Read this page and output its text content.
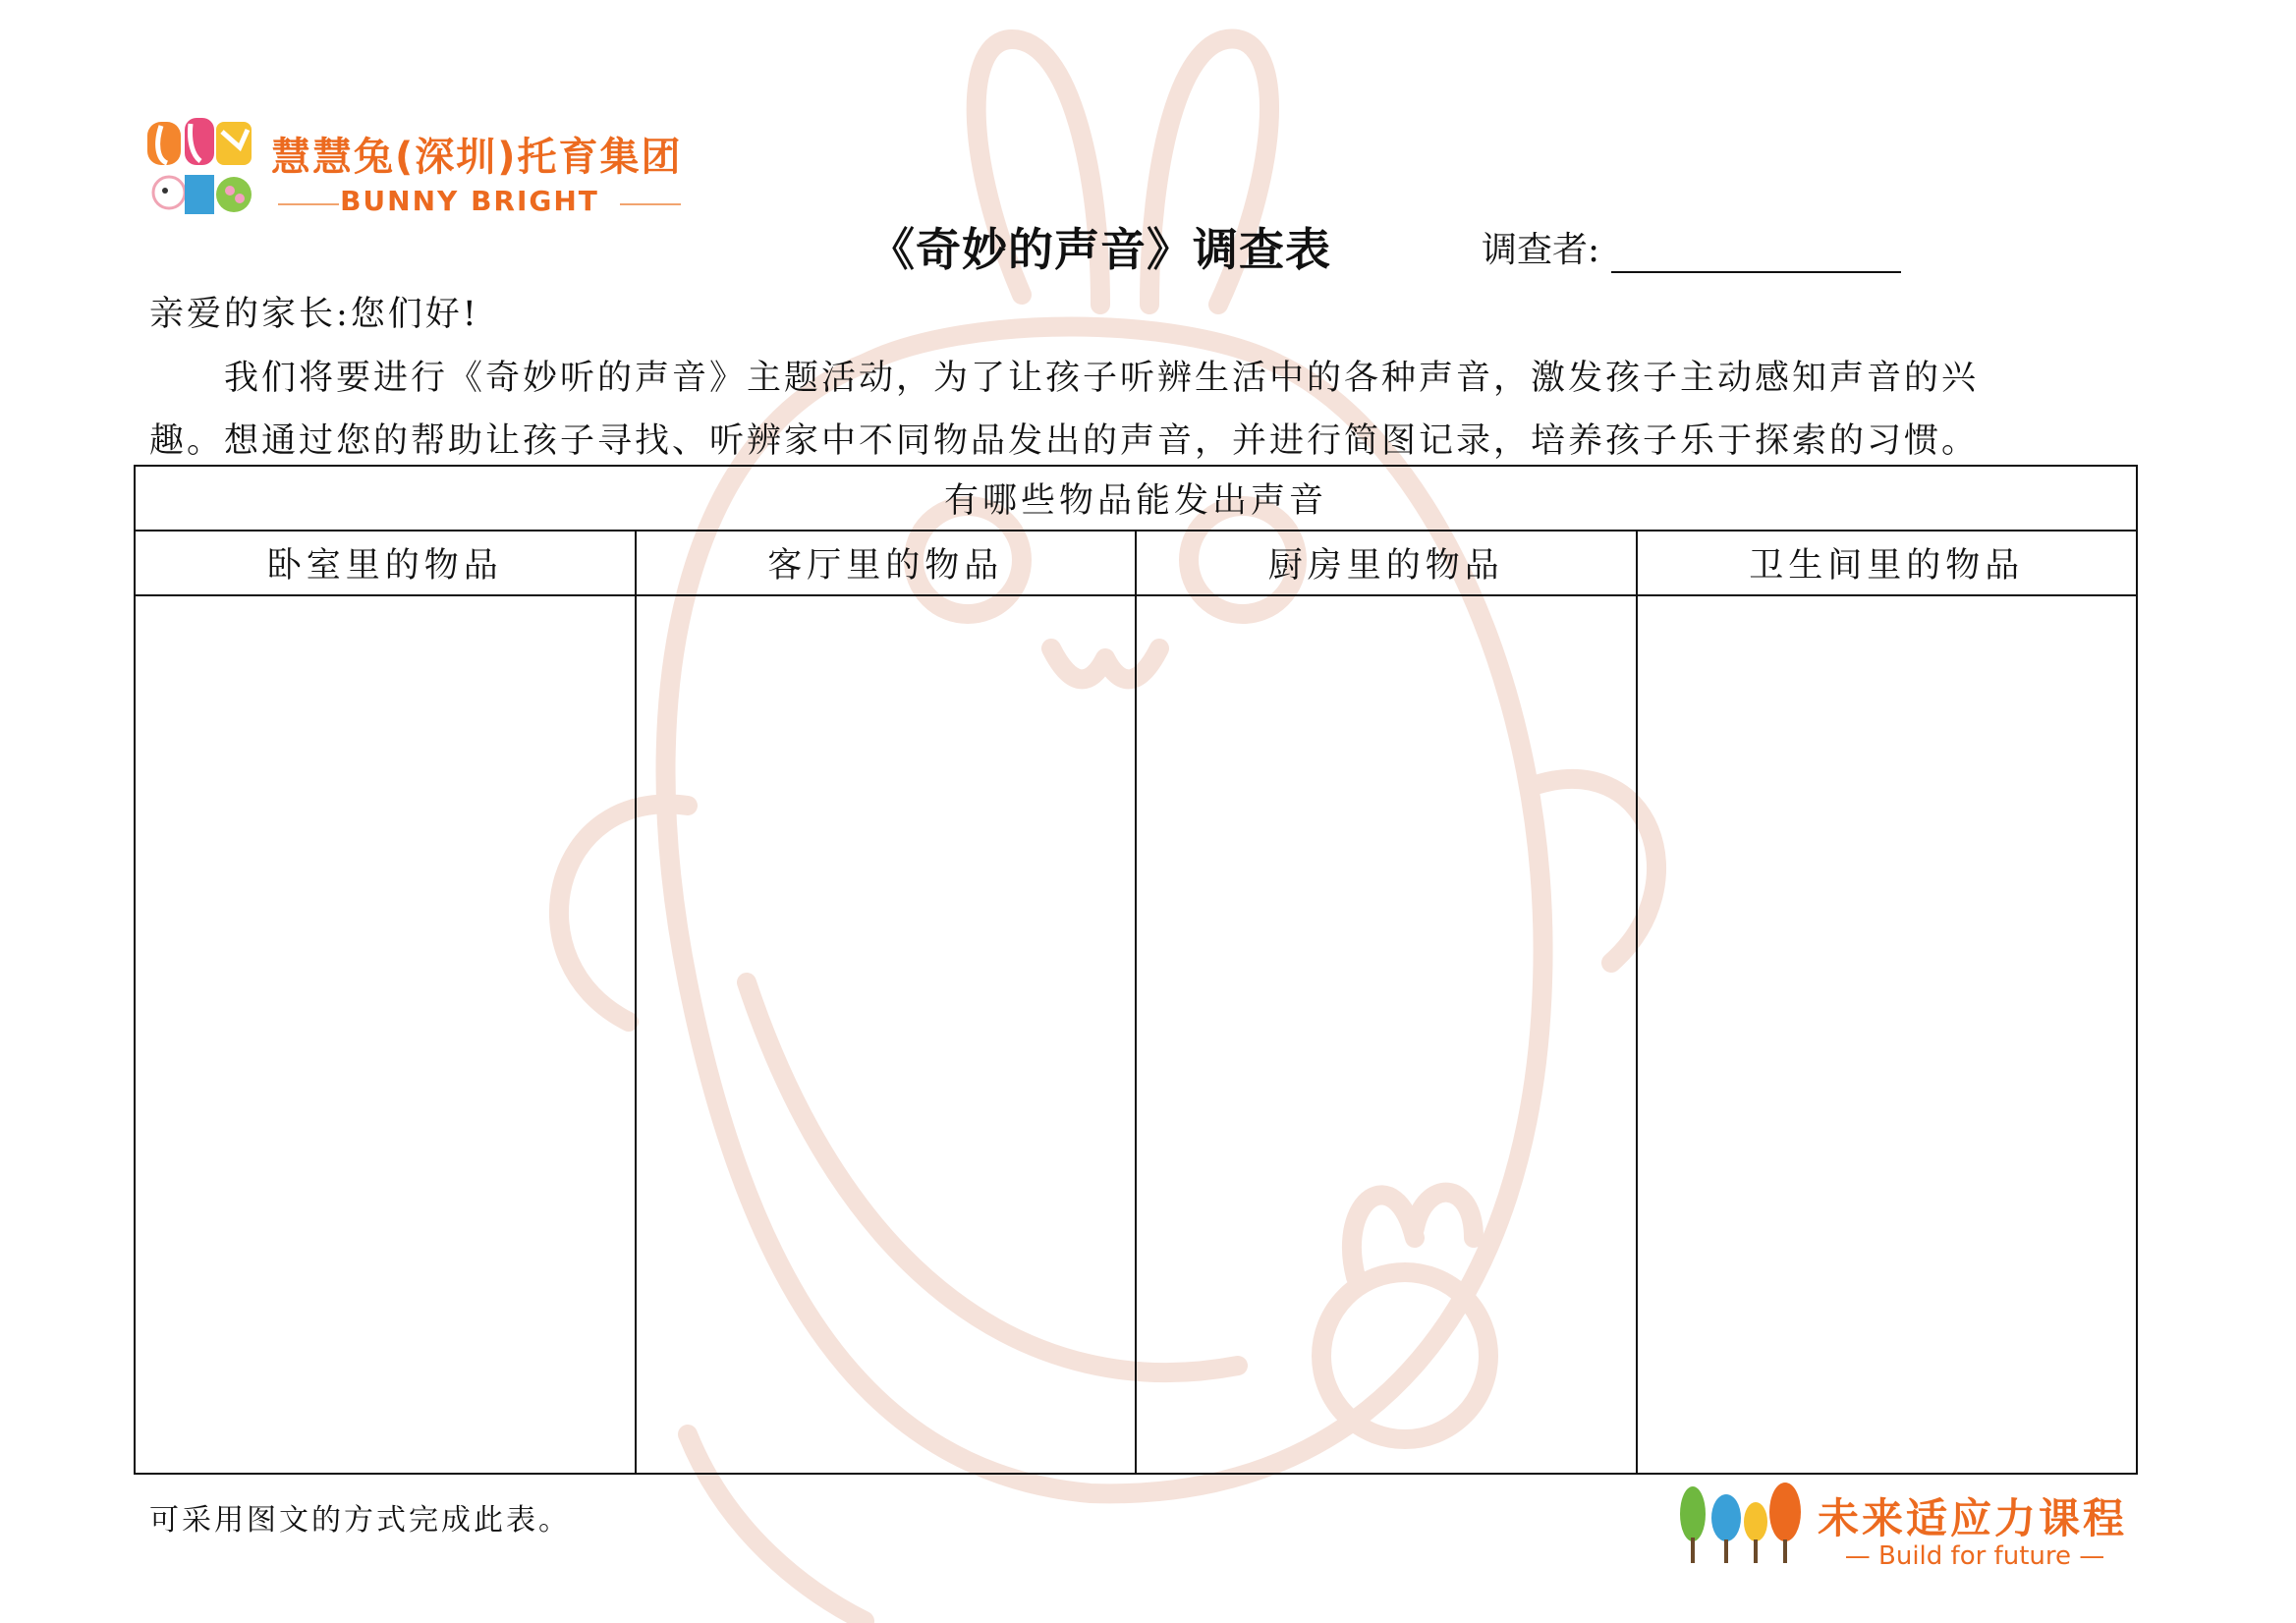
慧慧兔(深圳)托育集团
BUNNY BRIGHT
《奇妙的声音》调查表	调查者:
亲爱的家长:您们好!
我们将要进行《奇妙听的声音》主题活动，为了让孩子听辨生活中的各种声音，激发孩子主动感知声音的兴
趣。想通过您的帮助让孩子寻找、听辨家中不同物品发出的声音，并进行简图记录，培养孩子乐于探索的习惯。
有哪些物品能发出声音
卧室里的物品	客厅里的物品	厨房里的物品	卫生间里的物品
可采用图文的方式完成此表。	未来适应力课程
— Build for future —
